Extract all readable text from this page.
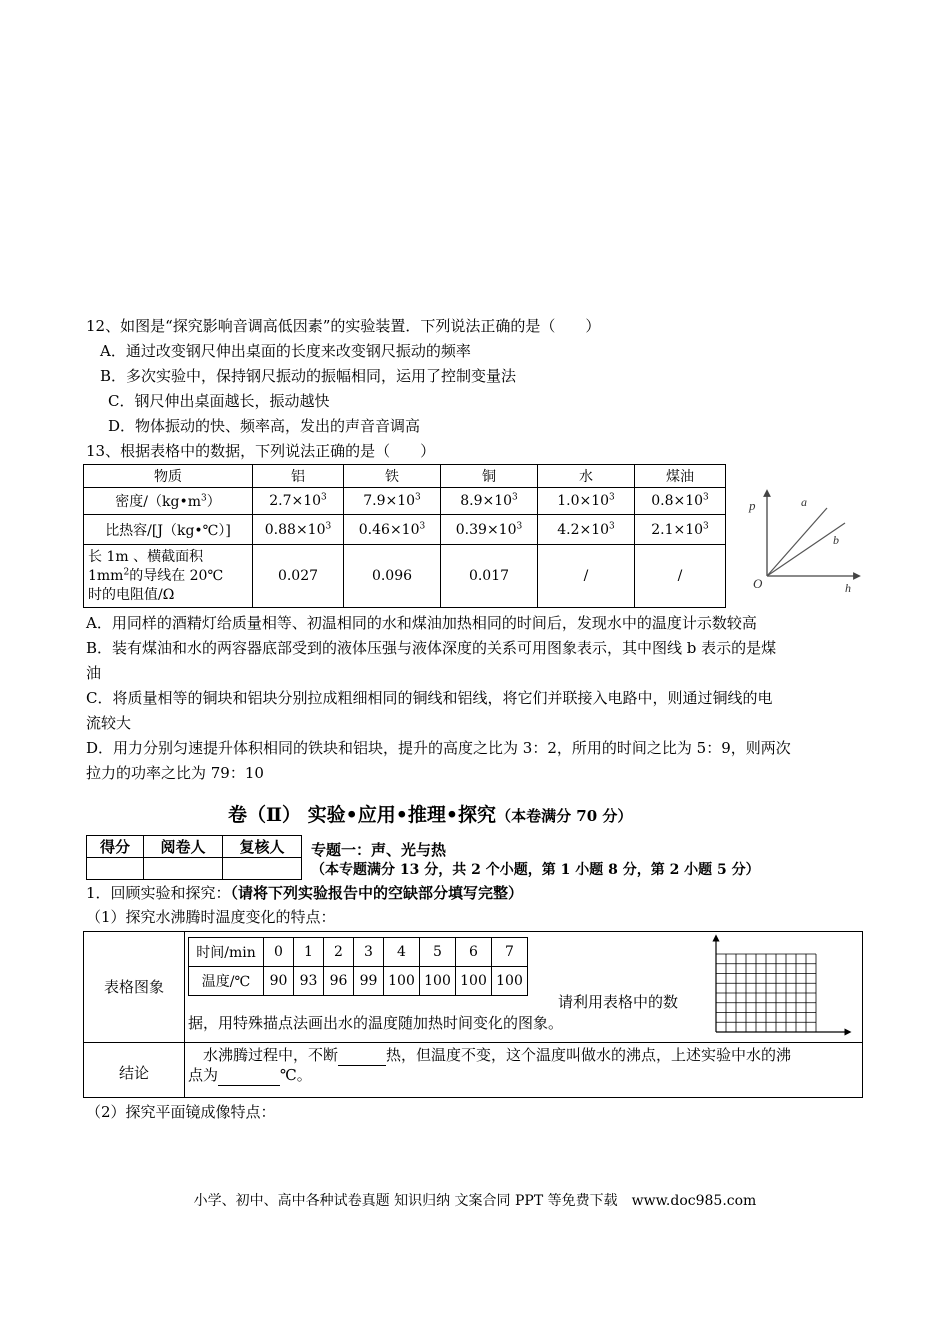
12、如图是“探究影响音调高低因素”的实验装置．下列说法正确的是（　　）
A．通过改变钢尺伸出桌面的长度来改变钢尺振动的频率
B．多次实验中，保持钢尺振动的振幅相同，运用了控制变量法
C．钢尺伸出桌面越长，振动越快
D．物体振动的快、频率高，发出的声音音调高
13、根据表格中的数据，下列说法正确的是（　　）
物质	铝	铁	铜	水	煤油
密度$/(kg•m^3)$	$2.7\times 10^3$	$7.9\times 10^3$	$8.9\times 10^3$	$1.0\times 10^3$	$0.8\times 10^3$
比热容/[J（kg•℃）]	$0.88\times 10^3$	$0.46\times 10^3$	$0.39\times 10^3$	$4.2\times 10^3$	$2.1\times 10^3$

长 1m 、横截面积
$1mm^2$的导线在 20℃
时的电阻值/Ω	0.027	0.096	0.017	/	/
p
O	h
a
b
A．用同样的酒精灯给质量相等、初温相同的水和煤油加热相同的时间后，发现水中的温度计示数较高
B．装有煤油和水的两容器底部受到的液体压强与液体深度的关系可用图象表示，其中图线 b 表示的是煤
油
C．将质量相等的铜块和铝块分别拉成粗细相同的铜线和铝线，将它们并联接入电路中，则通过铜线的电
流较大
D．用力分别匀速提升体积相同的铁块和铝块，提升的高度之比为 3：2，所用的时间之比为 5：9，则两次
拉力的功率之比为 79：10
卷（Ⅱ） 实验•应用•推理•探究（本卷满分 70 分）
得分	阅卷人	复核人
		专题一：声、光与热
（本专题满分 13 分，共 2 个小题，第 1 小题 8 分，第 2 小题 5 分）
1．回顾实验和探究：（请将下列实验报告中的空缺部分填写完整）
（1）探究水沸腾时温度变化的特点：
表格图象
结论
时间/min	0	1	2	3	4	5	6	7
温度/℃	90	93	96	99	100	100	100	100
请利用表格中的数
据，用特殊描点法画出水的温度随加热时间变化的图象。
　水沸腾过程中，不断	热，但温度不变，这个温度叫做水的沸点，上述实验中水的沸
点为	℃。
（2）探究平面镜成像特点：
小学、初中、高中各种试卷真题 知识归纳 文案合同 PPT 等免费下载　www.doc985.com
